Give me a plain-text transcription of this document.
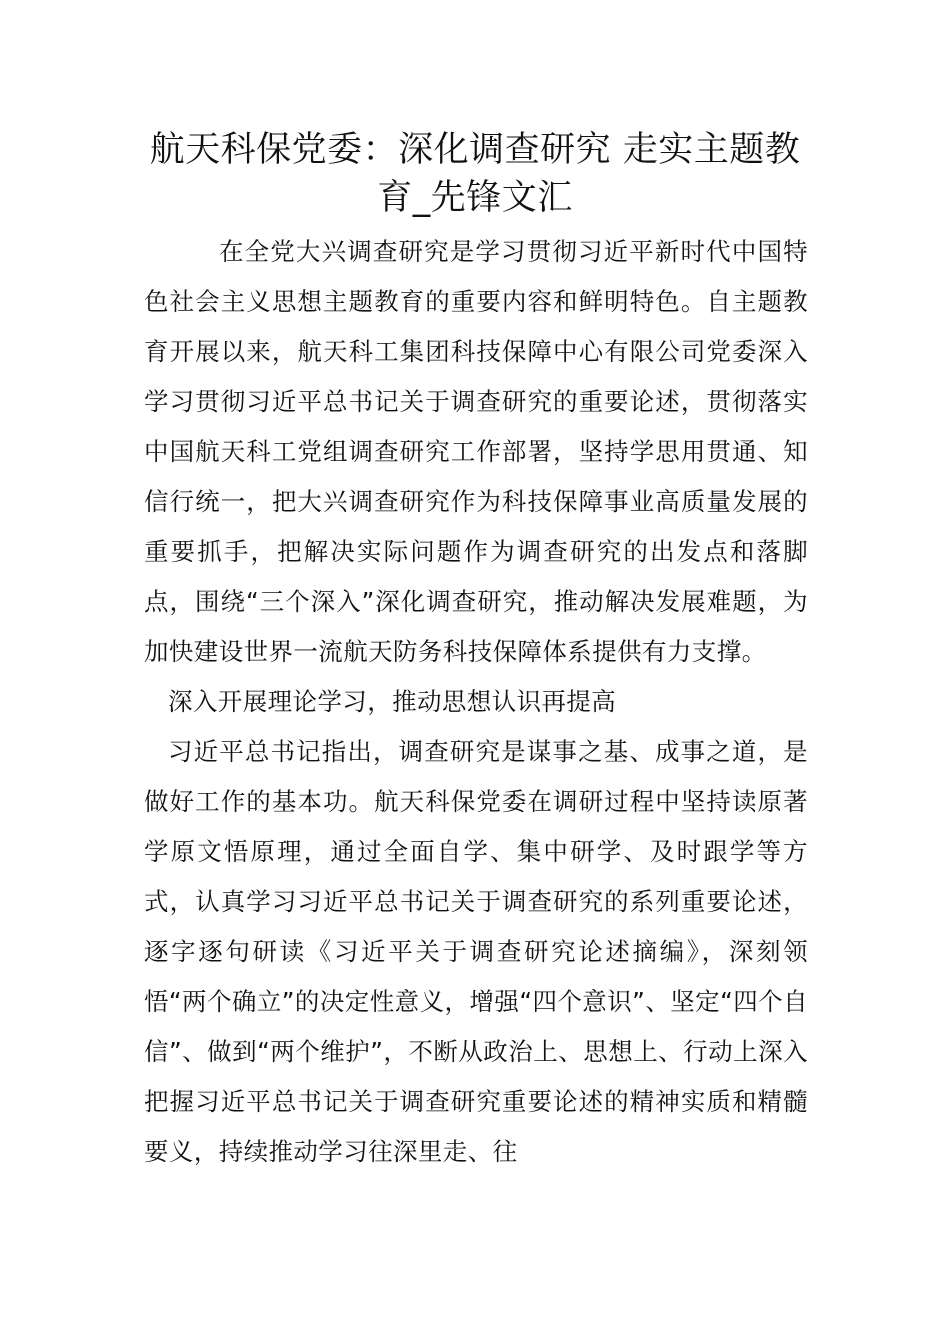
航天科保党委：深化调查研究 走实主题教育_先锋文汇

在全党大兴调查研究是学习贯彻习近平新时代中国特色社会主义思想主题教育的重要内容和鲜明特色。自主题教育开展以来，航天科工集团科技保障中心有限公司党委深入学习贯彻习近平总书记关于调查研究的重要论述，贯彻落实中国航天科工党组调查研究工作部署，坚持学思用贯通、知信行统一，把大兴调查研究作为科技保障事业高质量发展的重要抓手，把解决实际问题作为调查研究的出发点和落脚点，围绕“三个深入”深化调查研究，推动解决发展难题，为加快建设世界一流航天防务科技保障体系提供有力支撑。

深入开展理论学习，推动思想认识再提高

习近平总书记指出，调查研究是谋事之基、成事之道，是做好工作的基本功。航天科保党委在调研过程中坚持读原著学原文悟原理，通过全面自学、集中研学、及时跟学等方式，认真学习习近平总书记关于调查研究的系列重要论述，逐字逐句研读《习近平关于调查研究论述摘编》，深刻领悟“两个确立”的决定性意义，增强“四个意识”、坚定“四个自信”、做到“两个维护”，不断从政治上、思想上、行动上深入把握习近平总书记关于调查研究重要论述的精神实质和精髓要义，持续推动学习往深里走、往
